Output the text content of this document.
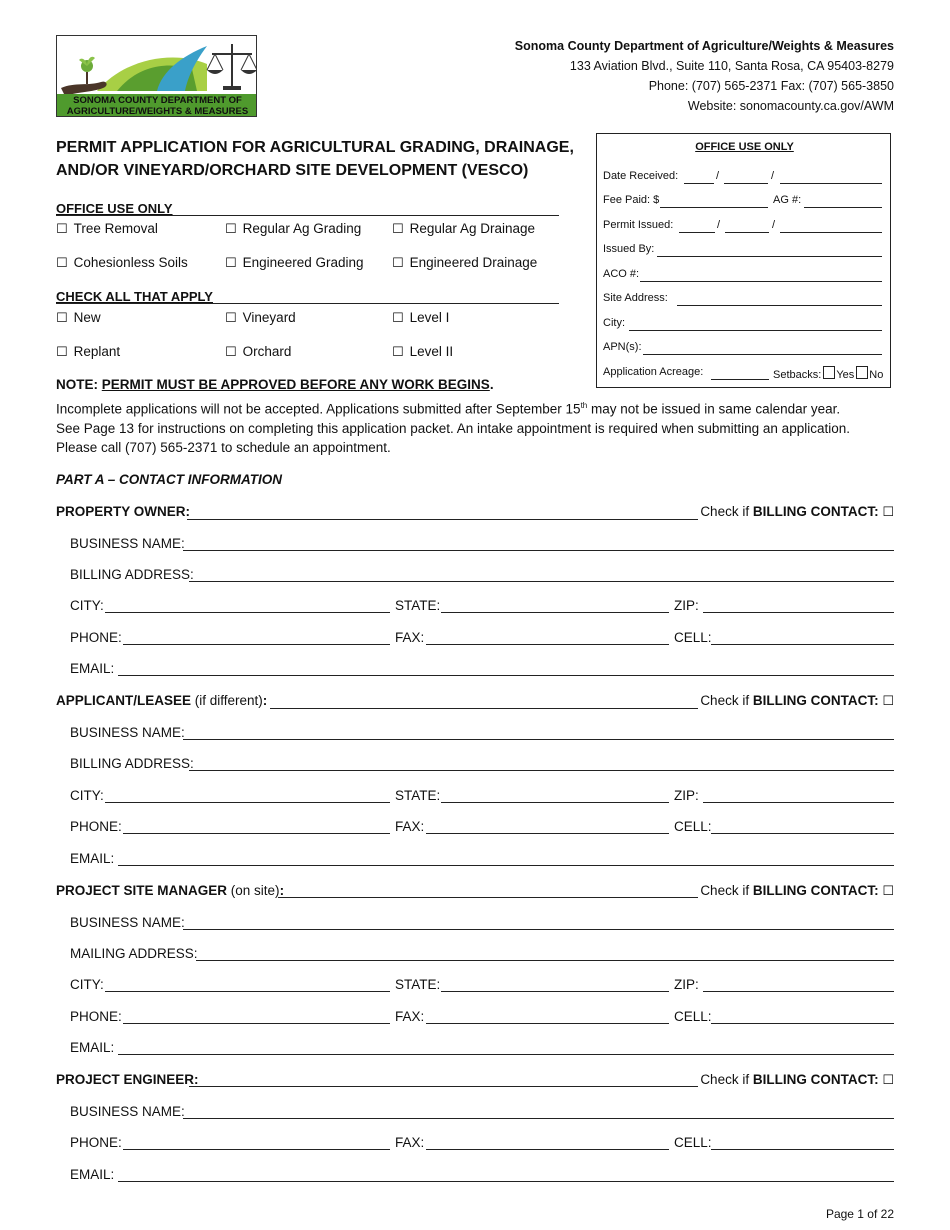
SONOMA COUNTY DEPARTMENT OF
AGRICULTURE/WEIGHTS & MEASURES
Sonoma County Department of Agriculture/Weights & Measures
133 Aviation Blvd., Suite 110, Santa Rosa, CA 95403-8279
Phone: (707) 565-2371 Fax: (707) 565-3850
Website: sonomacounty.ca.gov/AWM
PERMIT APPLICATION FOR AGRICULTURAL GRADING, DRAINAGE,
AND/OR VINEYARD/ORCHARD SITE DEVELOPMENT (VESCO)
OFFICE USE ONLY
☐ Tree Removal	☐ Regular Ag Grading ☐ Regular Ag Drainage
☐ Cohesionless Soils	☐ Engineered Grading ☐ Engineered Drainage
CHECK ALL THAT APPLY
☐ New	☐ Vineyard	☐ Level I
☐ Replant	☐ Orchard	☐ Level II
OFFICE USE ONLY
Date Received:	/	/
Fee Paid: $	AG #:
Permit Issued:	/	/
Issued By:
ACO #:
Site Address:
City:
APN(s):
Application Acreage:	Setbacks: Yes No
NOTE: PERMIT MUST BE APPROVED BEFORE ANY WORK BEGINS.
Incomplete applications will not be accepted. Applications submitted after September 15th may not be issued in same calendar year.
See Page 13 for instructions on completing this application packet. An intake appointment is required when submitting an application.
Please call (707) 565-2371 to schedule an appointment.
PART A – CONTACT INFORMATION
PROPERTY OWNER:	Check if BILLING CONTACT: ☐
BUSINESS NAME:
BILLING ADDRESS:
CITY:	STATE:	ZIP:
PHONE:	FAX:	CELL:
EMAIL:
APPLICANT/LEASEE (if different):	Check if BILLING CONTACT: ☐
BUSINESS NAME:
BILLING ADDRESS:
CITY:	STATE:	ZIP:
PHONE:	FAX:	CELL:
EMAIL:
PROJECT SITE MANAGER (on site):	Check if BILLING CONTACT: ☐
BUSINESS NAME:
MAILING ADDRESS:
CITY:	STATE:	ZIP:
PHONE:	FAX:	CELL:
EMAIL:
PROJECT ENGINEER:	Check if BILLING CONTACT: ☐
BUSINESS NAME:
PHONE:	FAX:	CELL:
EMAIL:
Page 1 of 22
